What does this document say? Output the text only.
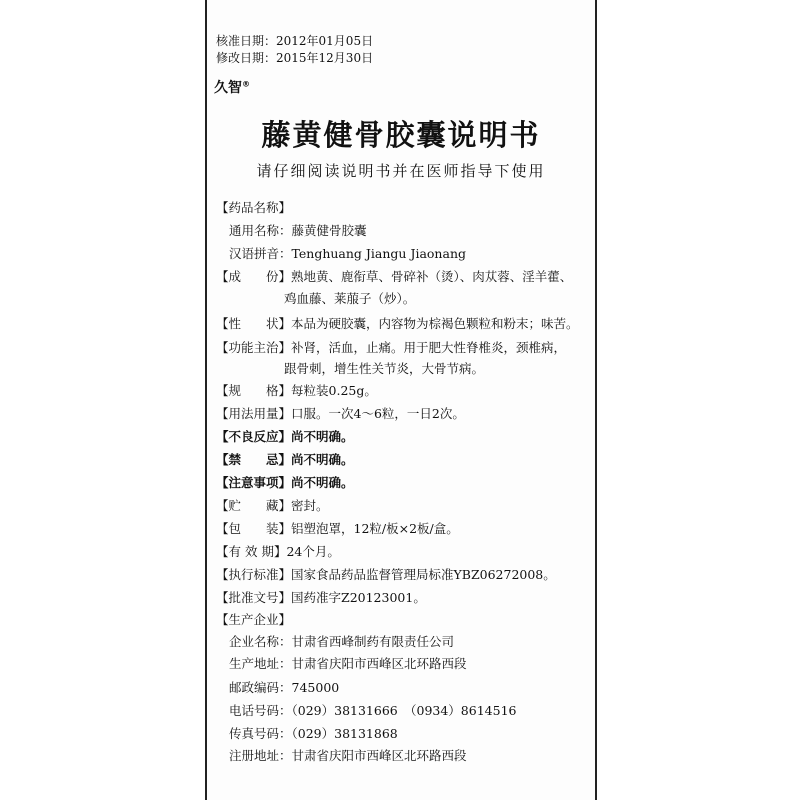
核准日期：2012年01月05日
修改日期：2015年12月30日
久智®
藤黄健骨胶囊说明书
请仔细阅读说明书并在医师指导下使用
【药品名称】
通用名称：藤黄健骨胶囊
汉语拼音：Tenghuang Jiangu Jiaonang
【成　　份】熟地黄、鹿衔草、骨碎补（烫）、肉苁蓉、淫羊藿、
鸡血藤、莱菔子（炒）。
【性　　状】本品为硬胶囊，内容物为棕褐色颗粒和粉末；味苦。
【功能主治】补肾，活血，止痛。用于肥大性脊椎炎，颈椎病，
跟骨刺，增生性关节炎，大骨节病。
【规　　格】每粒装0.25g。
【用法用量】口服。一次4～6粒，一日2次。
【不良反应】尚不明确。
【禁　　忌】尚不明确。
【注意事项】尚不明确。
【贮　　藏】密封。
【包　　装】铝塑泡罩，12粒/板×2板/盒。
【有 效 期】24个月。
【执行标准】国家食品药品监督管理局标准YBZ06272008。
【批准文号】国药准字Z20123001。
【生产企业】
企业名称：甘肃省西峰制药有限责任公司
生产地址：甘肃省庆阳市西峰区北环路西段
邮政编码：745000
电话号码：（029）38131666　（0934）8614516
传真号码：（029）38131868
注册地址：甘肃省庆阳市西峰区北环路西段
